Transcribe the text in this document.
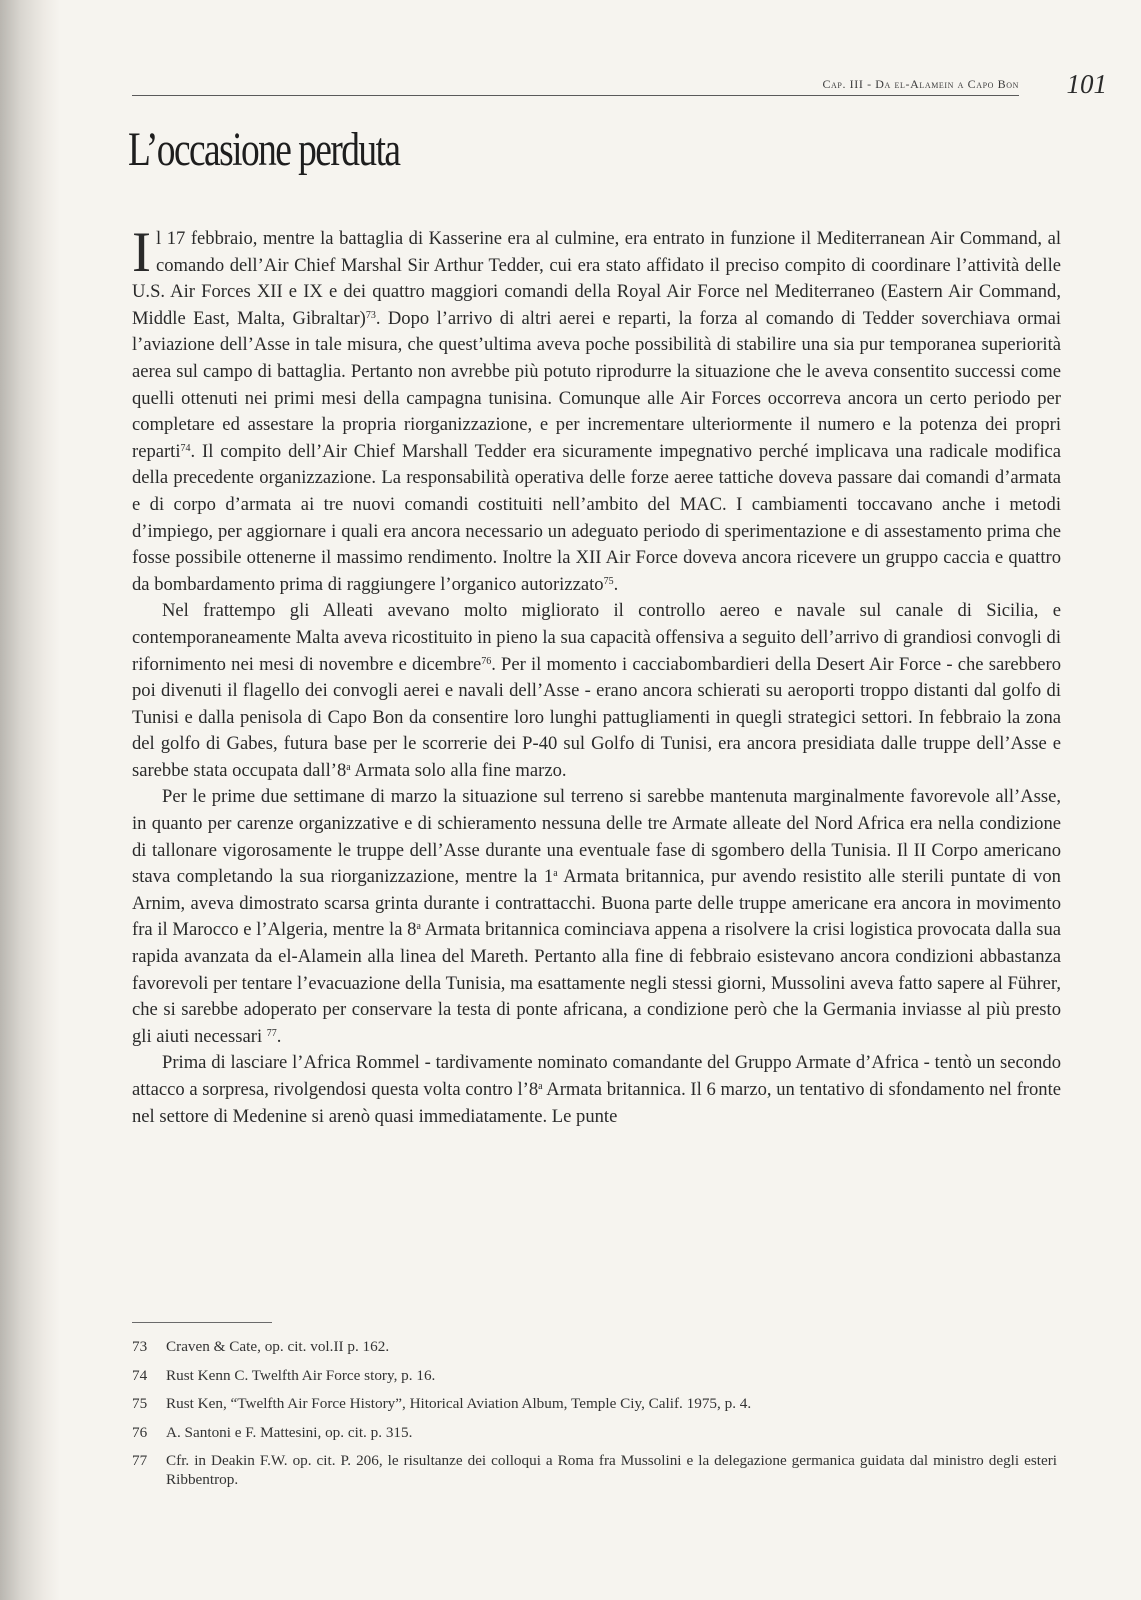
Cap. III - Da el-Alamein a Capo Bon 101
L’occasione perduta

Il 17 febbraio, mentre la battaglia di Kasserine era al culmine, era entrato in funzione il Mediterranean Air Command, al comando dell’Air Chief Marshal Sir Arthur Tedder, cui era stato affidato il preciso compito di coordinare l’attività delle U.S. Air Forces XII e IX e dei quattro maggiori comandi della Royal Air Force nel Mediterraneo (Eastern Air Command, Middle East, Malta, Gibraltar)$^{73}$. Dopo l’arrivo di altri aerei e reparti, la forza al comando di Tedder soverchiava ormai l’aviazione dell’Asse in tale misura, che quest’ultima aveva poche possibilità di stabilire una sia pur temporanea superiorità aerea sul campo di battaglia. Pertanto non avrebbe più potuto riprodurre la situazione che le aveva consentito successi come quelli ottenuti nei primi mesi della campagna tunisina. Comunque alle Air Forces occorreva ancora un certo periodo per completare ed assestare la propria riorganizzazione, e per incrementare ulteriormente il numero e la potenza dei propri reparti$^{74}$. Il compito dell’Air Chief Marshall Tedder era sicuramente impegnativo perché implicava una radicale modifica della precedente organizzazione. La responsabilità operativa delle forze aeree tattiche doveva passare dai comandi d’armata e di corpo d’armata ai tre nuovi comandi costituiti nell’ambito del MAC. I cambiamenti toccavano anche i metodi d’impiego, per aggiornare i quali era ancora necessario un adeguato periodo di sperimentazione e di assestamento prima che fosse possibile ottenerne il massimo rendimento. Inoltre la XII Air Force doveva ancora ricevere un gruppo caccia e quattro da bombardamento prima di raggiungere l’organico autorizzato$^{75}$.

Nel frattempo gli Alleati avevano molto migliorato il controllo aereo e navale sul canale di Sicilia, e contemporaneamente Malta aveva ricostituito in pieno la sua capacità offensiva a seguito dell’arrivo di grandiosi convogli di rifornimento nei mesi di novembre e dicembre$^{76}$. Per il momento i cacciabombardieri della Desert Air Force - che sarebbero poi divenuti il flagello dei convogli aerei e navali dell’Asse - erano ancora schierati su aeroporti troppo distanti dal golfo di Tunisi e dalla penisola di Capo Bon da consentire loro lunghi pattugliamenti in quegli strategici settori. In febbraio la zona del golfo di Gabes, futura base per le scorrerie dei P-40 sul Golfo di Tunisi, era ancora presidiata dalle truppe dell’Asse e sarebbe stata occupata dall’8$^a$ Armata solo alla fine marzo.

Per le prime due settimane di marzo la situazione sul terreno si sarebbe mantenuta marginalmente favorevole all’Asse, in quanto per carenze organizzative e di schieramento nessuna delle tre Armate alleate del Nord Africa era nella condizione di tallonare vigorosamente le truppe dell’Asse durante una eventuale fase di sgombero della Tunisia. Il II Corpo americano stava completando la sua riorganizzazione, mentre la 1$^a$ Armata britannica, pur avendo resistito alle sterili puntate di von Arnim, aveva dimostrato scarsa grinta durante i contrattacchi. Buona parte delle truppe americane era ancora in movimento fra il Marocco e l’Algeria, mentre la 8$^a$ Armata britannica cominciava appena a risolvere la crisi logistica provocata dalla sua rapida avanzata da el-Alamein alla linea del Mareth. Pertanto alla fine di febbraio esistevano ancora condizioni abbastanza favorevoli per tentare l’evacuazione della Tunisia, ma esattamente negli stessi giorni, Mussolini aveva fatto sapere al Führer, che si sarebbe adoperato per conservare la testa di ponte africana, a condizione però che la Germania inviasse al più presto gli aiuti necessari $^{77}$.

Prima di lasciare l’Africa Rommel - tardivamente nominato comandante del Gruppo Armate d’Africa - tentò un secondo attacco a sorpresa, rivolgendosi questa volta contro l’8$^a$ Armata britannica. Il 6 marzo, un tentativo di sfondamento nel fronte nel settore di Medenine si arenò quasi immediatamente. Le punte

73 Craven & Cate, op. cit. vol.II p. 162.
74 Rust Kenn C. Twelfth Air Force story, p. 16.
75 Rust Ken, “Twelfth Air Force History”, Hitorical Aviation Album, Temple Ciy, Calif. 1975, p. 4.
76 A. Santoni e F. Mattesini, op. cit. p. 315.
77 Cfr. in Deakin F.W. op. cit. P. 206, le risultanze dei colloqui a Roma fra Mussolini e la delegazione germanica guidata dal ministro degli esteri Ribbentrop.
